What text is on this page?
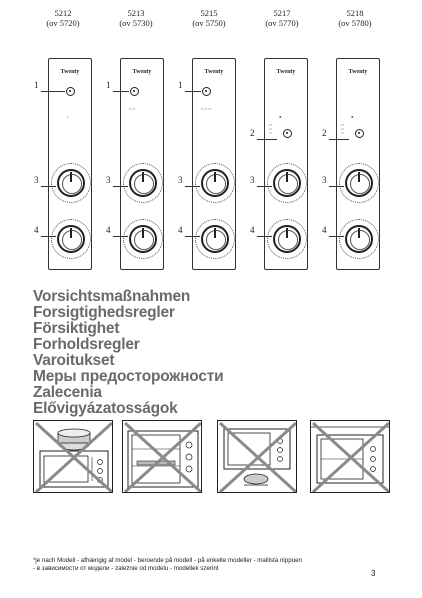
5212
(ov 5720)
5213
(ov 5730)
5215
(ov 5750)
5217
(ov 5770)
5218
(ov 5780)
Twenty
◐
Twenty
▭ ▭
Twenty
▭ ▭ ▭
Twenty
✱
▭
▭
▭
Twenty
✱
▭
▭
▭
1	1	1
2	2
3	3	3	3	3
4	4	4	4	4
Vorsichtsmaßnahmen
Forsigtighedsregler
Försiktighet
Forholdsregler
Varoitukset
Меры предосторожности
Zalecenia
Elővigyázatosságok
*je nach Modell - afhængig af model - beroende på modell - på enkelte modeller - mallista riippuen
- в зависимости от модели - zależnie od modelu - modellek szerint
3
